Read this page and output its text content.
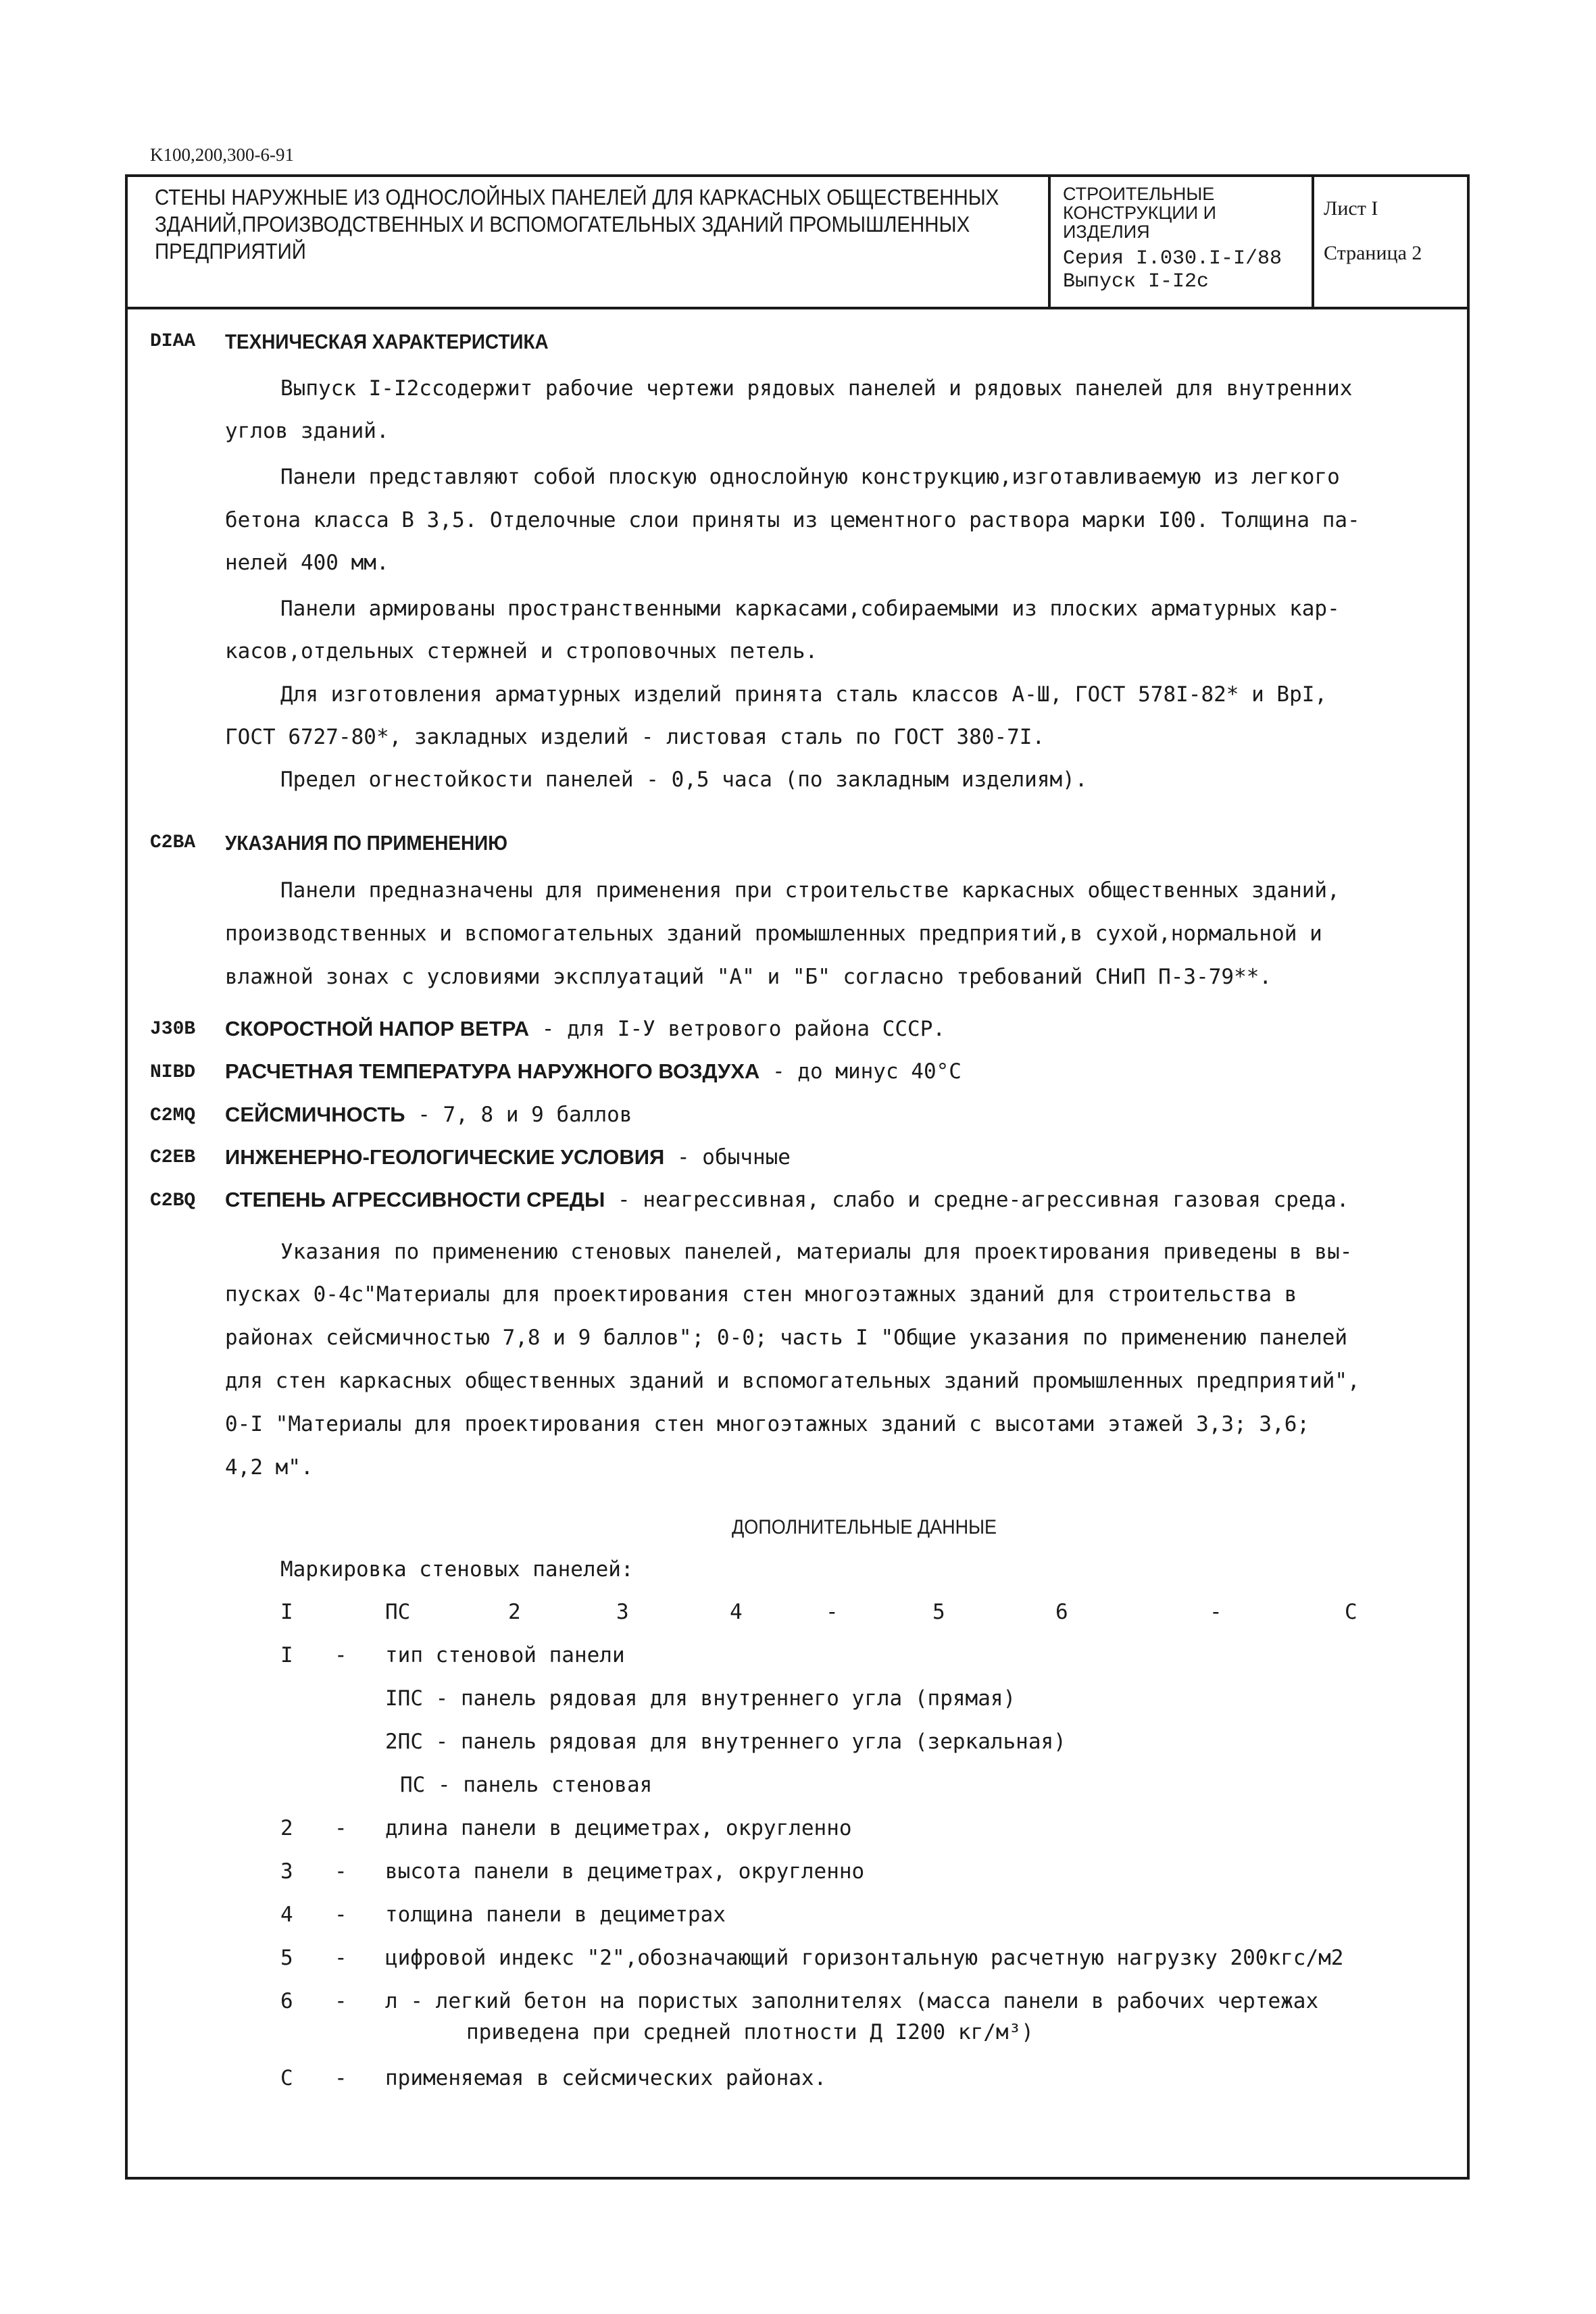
K100,200,300-6-91
СТЕНЫ НАРУЖНЫЕ ИЗ ОДНОСЛОЙНЫХ ПАНЕЛЕЙ ДЛЯ КАРКАСНЫХ ОБЩЕСТВЕННЫХ
ЗДАНИЙ,ПРОИЗВОДСТВЕННЫХ И ВСПОМОГАТЕЛЬНЫХ ЗДАНИЙ ПРОМЫШЛЕННЫХ
ПРЕДПРИЯТИЙ
СТРОИТЕЛЬНЫЕ
КОНСТРУКЦИИ И
ИЗДЕЛИЯ
Серия I.030.I-I/88
Выпуск I-I2с
Лист I
Страница 2
DIAA ТЕХНИЧЕСКАЯ ХАРАКТЕРИСТИКА
Выпуск I-I2ссодержит рабочие чертежи рядовых панелей и рядовых панелей для внутренних
углов зданий.
Панели представляют собой плоскую однослойную конструкцию,изготавливаемую из легкого
бетона класса В 3,5. Отделочные слои приняты из цементного раствора марки I00. Толщина па-
нелей 400 мм.
Панели армированы пространственными каркасами,собираемыми из плоских арматурных кар-
касов,отдельных стержней и строповочных петель.
Для изготовления арматурных изделий принята сталь классов А-Ш, ГОСТ 578I-82* и ВрI,
ГОСТ 6727-80*, закладных изделий - листовая сталь по ГОСТ 380-7I.
Предел огнестойкости панелей - 0,5 часа (по закладным изделиям).
C2BA УКАЗАНИЯ ПО ПРИМЕНЕНИЮ
Панели предназначены для применения при строительстве каркасных общественных зданий,
производственных и вспомогательных зданий промышленных предприятий,в сухой,нормальной и
влажной зонах с условиями эксплуатаций "А" и "Б" согласно требований СНиП П-3-79**.
J30B СКОРОСТНОЙ НАПОР ВЕТРА - для I-У ветрового района СССР.
NIBD РАСЧЕТНАЯ ТЕМПЕРАТУРА НАРУЖНОГО ВОЗДУХА - до минус 40°С
C2MQ СЕЙСМИЧНОСТЬ - 7, 8 и 9 баллов
C2EB ИНЖЕНЕРНО-ГЕОЛОГИЧЕСКИЕ УСЛОВИЯ - обычные
C2BQ СТЕПЕНЬ АГРЕССИВНОСТИ СРЕДЫ - неагрессивная, слабо и средне-агрессивная газовая среда.
Указания по применению стеновых панелей, материалы для проектирования приведены в вы-
пусках 0-4с"Материалы для проектирования стен многоэтажных зданий для строительства в
районах сейсмичностью 7,8 и 9 баллов"; 0-0; часть I "Общие указания по применению панелей
для стен каркасных общественных зданий и вспомогательных зданий промышленных предприятий",
0-I "Материалы для проектирования стен многоэтажных зданий с высотами этажей 3,3; 3,6;
4,2 м".
ДОПОЛНИТЕЛЬНЫЕ ДАННЫЕ
Маркировка стеновых панелей:
I	ПС	2	3	4	-	5	6	-	С
I - тип стеновой панели
IПС - панель рядовая для внутреннего угла (прямая)
2ПС - панель рядовая для внутреннего угла (зеркальная)
ПС - панель стеновая
2 - длина панели в дециметрах, округленно
3 - высота панели в дециметрах, округленно
4 - толщина панели в дециметрах
5 - цифровой индекс "2",обозначающий горизонтальную расчетную нагрузку 200кгс/м2
6 - л - легкий бетон на пористых заполнителях (масса панели в рабочих чертежах
приведена при средней плотности Д I200 кг/м³)
С - применяемая в сейсмических районах.
